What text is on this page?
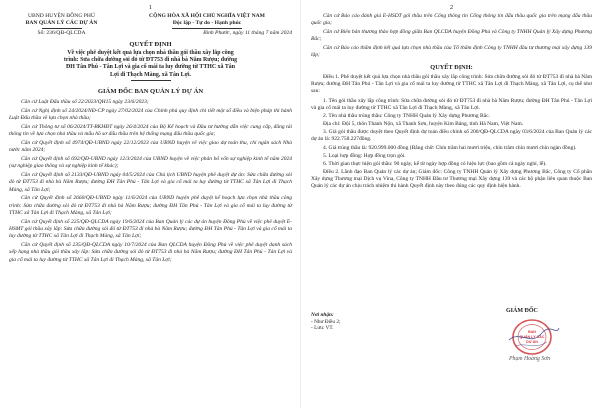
1
UBND HUYỆN ĐỒNG PHÚ
BAN QUẢN LÝ CÁC DỰ ÁN
Số: 236/QĐ-QLCDA
CỘNG HÒA XÃ HỘI CHỦ NGHĨA VIỆT NAM
Độc lập - Tự do - Hạnh phúc
Bình Phước, ngày 11 tháng 7 năm 2024
QUYẾT ĐỊNH
Về việc phê duyệt kết quả lựa chọn nhà thầu gói thầu xây lắp công
trình: Sửa chữa đường sỏi đỏ từ ĐT753 đi nhà bà Năm Rượu; đường
ĐH Tân Phú - Tân Lợi và gia cố mái ta luy đường từ TTHC xã Tân
Lợi đi Thạch Màng, xã Tân Lợi.
GIÁM ĐỐC BAN QUẢN LÝ DỰ ÁN

Căn cứ Luật Đấu thầu số 22/2023/QH15 ngày 23/6/2023;

Căn cứ Nghị định số 24/2024/NĐ-CP ngày 27/02/2024 của Chính phủ quy định chi tiết một số điều và biện pháp thi hành Luật Đấu thầu về lựa chọn nhà thầu;

Căn cứ Thông tư số 06/2024/TT-BKHĐT ngày 26/4/2024 của Bộ Kế hoạch và Đầu tư hướng dẫn việc cung cấp, đăng tải thông tin về lựa chọn nhà thầu và mẫu hồ sơ đấu thầu trên hệ thống mạng đấu thầu quốc gia;

Căn cứ Quyết định số 4974/QĐ-UBND ngày 22/12/2023 của UBND huyện về việc giao dự toán thu, chi ngân sách Nhà nước năm 2024;

Căn cứ Quyết định số 692/QĐ-UBND ngày 12/3/2024 của UBND huyện về việc phân bổ vốn sự nghiệp kinh tế năm 2024 (sự nghiệp giao thông và sự nghiệp kinh tế khác);

Căn cứ Quyết định số 2133/QĐ-UBND ngày 04/5/2024 của Chủ tịch UBND huyện phê duyệt dự án: Sửa chữa đường sỏi đỏ từ ĐT753 đi nhà bà Năm Rượu; đường ĐH Tân Phú - Tân Lợi và gia cố mái ta luy đường từ TTHC xã Tân Lợi đi Thạch Màng, xã Tân Lợi;

Căn cứ Quyết định số 2660/QĐ-UBND ngày 11/6/2024 của UBND huyện phê duyệt kế hoạch lựa chọn nhà thầu công trình: Sửa chữa đường sỏi đỏ từ ĐT753 đi nhà bà Năm Rượu; đường ĐH Tân Phú - Tân Lợi và gia cố mái ta luy đường từ TTHC xã Tân Lợi đi Thạch Màng, xã Tân Lợi;

Căn cứ Quyết định số 225/QĐ-QLCDA ngày 19/6/2024 của Ban Quản lý các dự án huyện Đồng Phú về việc phê duyệt E-HSMT gói thầu xây lắp: Sửa chữa đường sỏi đỏ từ ĐT753 đi nhà bà Năm Rượu; đường ĐH Tân Phú - Tân Lợi và gia cố mái ta luy đường từ TTHC xã Tân Lợi đi Thạch Màng, xã Tân Lợi;

Căn cứ Quyết định số 235/QĐ-QLCDA ngày 10/7/2024 của Ban QLCDA huyện Đồng Phú về việc phê duyệt danh sách xếp hạng nhà thầu gói thầu xây lắp: Sửa chữa đường sỏi đỏ từ ĐT753 đi nhà bà Năm Rượu; đường ĐH Tân Phú - Tân Lợi và gia cố mái ta luy đường từ TTHC xã Tân Lợi đi Thạch Màng, xã Tân Lợi;

2

Căn cứ Báo cáo đánh giá E-HSDT gói thầu trên Cổng thông tin Cổng thông tin đấu thầu quốc gia trên mạng đấu thầu quốc gia;

Căn cứ Biên bản thương thảo hợp đồng giữa Ban QLCDA huyện Đồng Phú và Công ty TNHH Quản lý Xây dựng Phương Bắc;

Căn cứ Báo cáo thẩm định kết quả lựa chọn nhà thầu của Tổ thẩm định Công ty TNHH đầu tư thương mại xây dựng 139 lập;

QUYẾT ĐỊNH:

Điều 1. Phê duyệt kết quả lựa chọn nhà thầu gói thầu xây lắp công trình: Sửa chữa đường sỏi đỏ từ ĐT753 đi nhà bà Năm Rượu; đường ĐH Tân Phú - Tân Lợi và gia cố mái ta luy đường từ TTHC xã Tân Lợi đi Thạch Màng, xã Tân Lợi, cụ thể như sau:

1. Tên gói thầu xây lắp công trình: Sửa chữa đường sỏi đỏ từ ĐT753 đi nhà bà Năm Rượu; đường ĐH Tân Phú - Tân Lợi và gia cố mái ta luy đường từ TTHC xã Tân Lợi đi Thạch Màng, xã Tân Lợi.

2. Tên nhà thầu trúng thầu: Công ty TNHH Quản lý Xây dựng Phương Bắc.

Địa chỉ: Đội 5, thôn Thanh Nộn, xã Thanh Sơn, huyện Kim Bảng, tỉnh Hà Nam, Việt Nam.

3. Giá gói thầu được duyệt theo Quyết định dự toán điều chỉnh số 200/QĐ-QLCDA ngày 03/6/2024 của Ban Quản lý các dự án là: 922.758.227đồng.

4. Giá trúng thầu là: 920.999.000 đồng (Bằng chữ: Chín trăm hai mươi triệu, chín trăm chín mươi chín ngàn đồng).

5. Loại hợp đồng: Hợp đồng trọn gói.

6. Thời gian thực hiện gói thầu: 90 ngày, kể từ ngày hợp đồng có hiệu lực (bao gồm cả ngày nghỉ, lễ).

Điều 2. Lãnh đạo Ban Quản lý các dự án; Giám đốc: Công ty TNHH Quản lý Xây dựng Phương Bắc, Công ty Cổ phần Xây dựng Thương mại Dịch vụ Vina, Công ty TNHH Đầu tư Thương mại Xây dựng 139 và các bộ phận liên quan thuộc Ban Quản lý các dự án chịu trách nhiệm thi hành Quyết định này theo đúng các quy định hiện hành.

Nơi nhận:
- Như Điều 2;
- Lưu: VT.
GIÁM ĐỐC
BAN
QUẢN LÝ CÁC
DỰ ÁN
Phạm Hoàng Sơn
